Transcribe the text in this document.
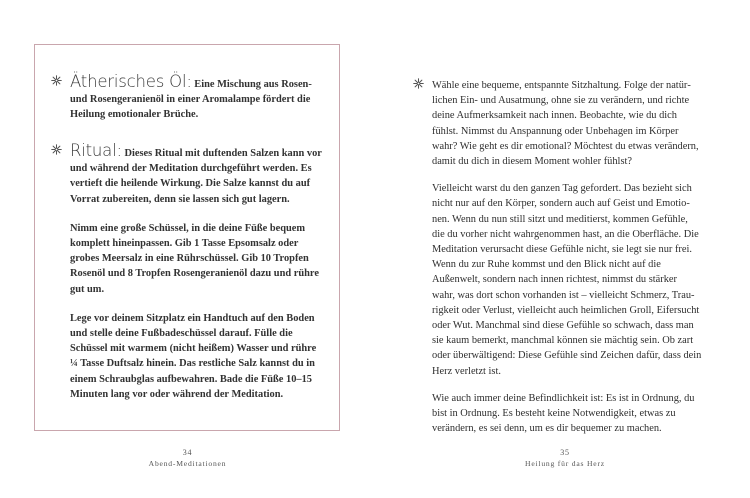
Ätherisches Öl: Eine Mischung aus Rosen- und Rosengeranienöl in einer Aromalampe fördert die Heilung emotionaler Brüche.

Ritual: Dieses Ritual mit duftenden Salzen kann vor und während der Meditation durchgeführt werden. Es vertieft die heilende Wirkung. Die Salze kannst du auf Vorrat zubereiten, denn sie lassen sich gut lagern.

Nimm eine große Schüssel, in die deine Füße bequem komplett hineinpassen. Gib 1 Tasse Epsomsalz oder grobes Meersalz in eine Rührschüssel. Gib 10 Tropfen Rosenöl und 8 Tropfen Rosengeranienöl dazu und rühre gut um.

Lege vor deinem Sitzplatz ein Handtuch auf den Boden und stelle deine Fußbadeschüssel darauf. Fülle die Schüssel mit warmem (nicht heißem) Wasser und rühre ¼ Tasse Duftsalz hinein. Das restliche Salz kannst du in einem Schraubglas aufbewahren. Bade die Füße 10–15 Minuten lang vor oder während der Meditation.

34
Abend-Meditationen

Wähle eine bequeme, entspannte Sitzhaltung. Folge der natürlichen Ein- und Ausatmung, ohne sie zu verändern, und richte deine Aufmerksamkeit nach innen. Beobachte, wie du dich fühlst. Nimmst du Anspannung oder Unbehagen im Körper wahr? Wie geht es dir emotional? Möchtest du etwas verändern, damit du dich in diesem Moment wohler fühlst?

Vielleicht warst du den ganzen Tag gefordert. Das bezieht sich nicht nur auf den Körper, sondern auch auf Geist und Emotionen. Wenn du nun still sitzt und meditierst, kommen Gefühle, die du vorher nicht wahrgenommen hast, an die Oberfläche. Die Meditation verursacht diese Gefühle nicht, sie legt sie nur frei. Wenn du zur Ruhe kommst und den Blick nicht auf die Außenwelt, sondern nach innen richtest, nimmst du stärker wahr, was dort schon vorhanden ist – vielleicht Schmerz, Traurigkeit oder Verlust, vielleicht auch heimlichen Groll, Eifersucht oder Wut. Manchmal sind diese Gefühle so schwach, dass man sie kaum bemerkt, manchmal können sie mächtig sein. Ob zart oder überwältigend: Diese Gefühle sind Zeichen dafür, dass dein Herz verletzt ist.

Wie auch immer deine Befindlichkeit ist: Es ist in Ordnung, du bist in Ordnung. Es besteht keine Notwendigkeit, etwas zu verändern, es sei denn, um es dir bequemer zu machen.

35
Heilung für das Herz
